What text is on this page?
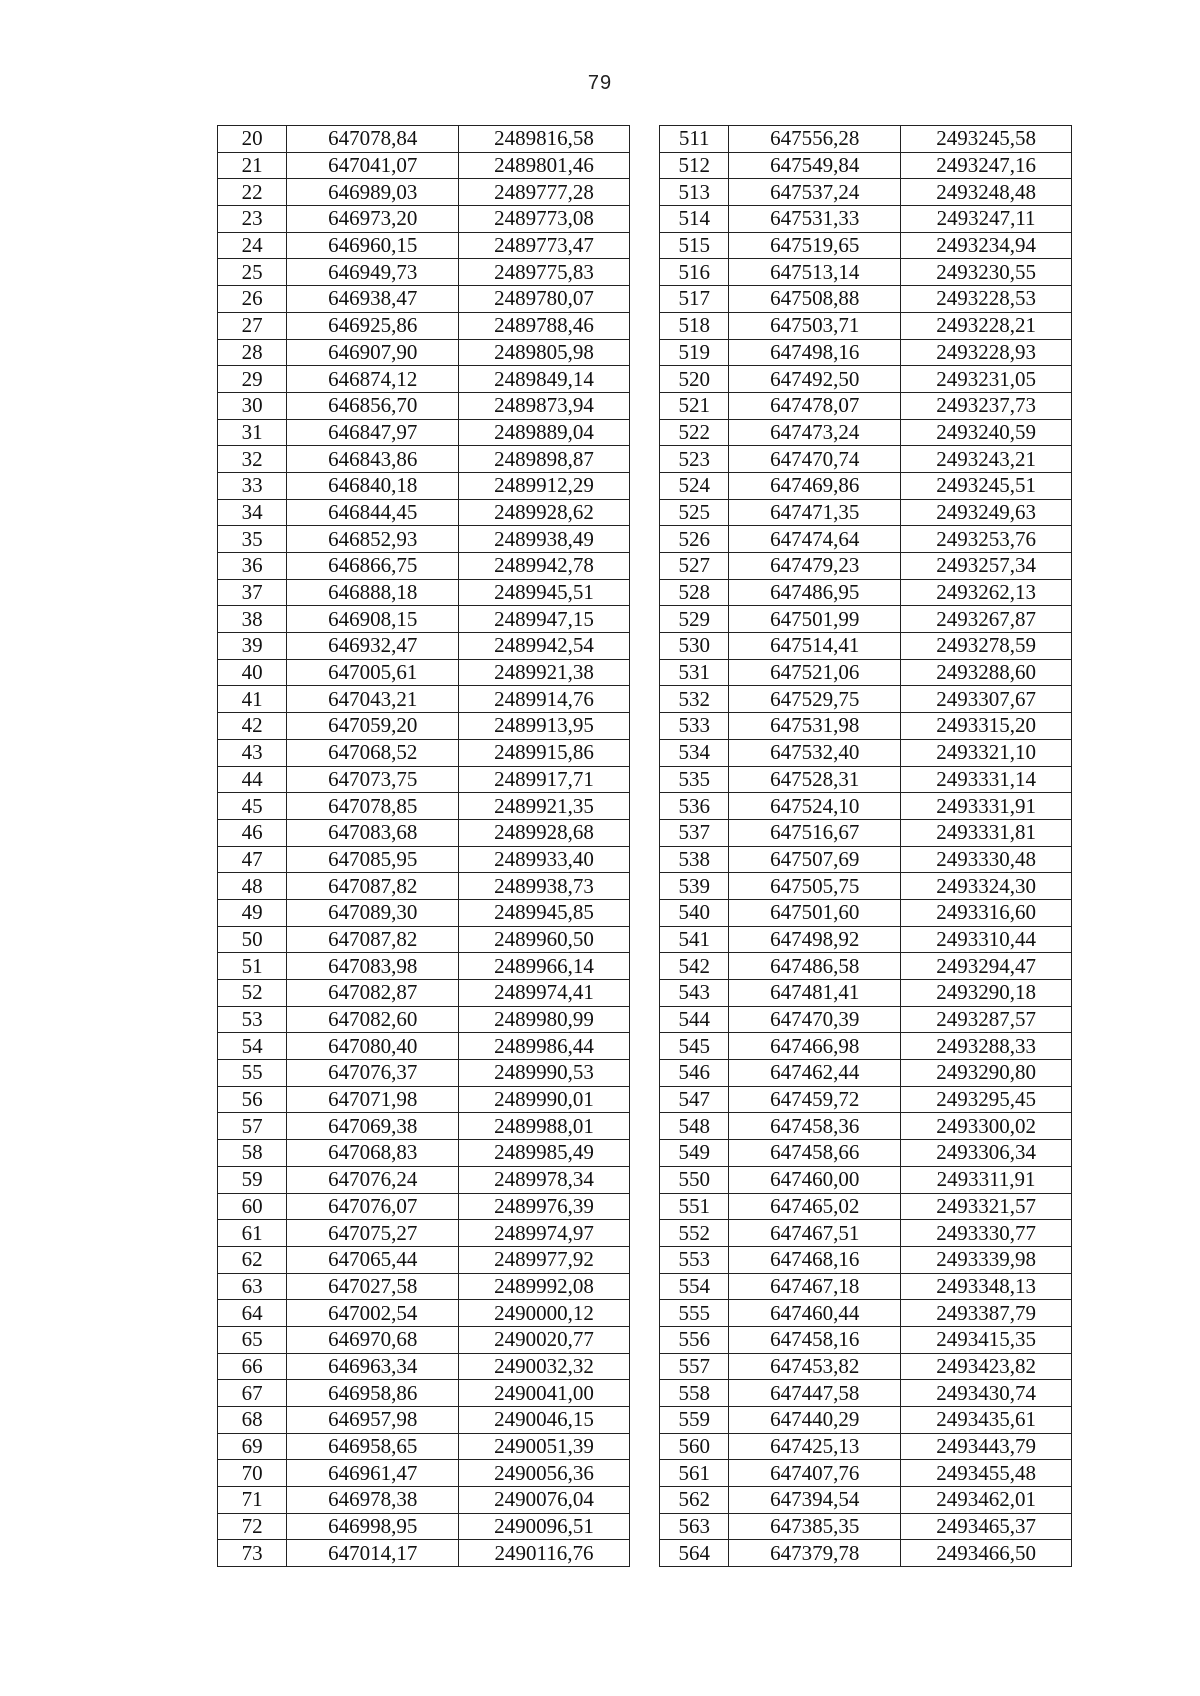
79
20	647078,84	2489816,58		511	647556,28	2493245,58
21	647041,07	2489801,46		512	647549,84	2493247,16
22	646989,03	2489777,28		513	647537,24	2493248,48
23	646973,20	2489773,08		514	647531,33	2493247,11
24	646960,15	2489773,47		515	647519,65	2493234,94
25	646949,73	2489775,83		516	647513,14	2493230,55
26	646938,47	2489780,07		517	647508,88	2493228,53
27	646925,86	2489788,46		518	647503,71	2493228,21
28	646907,90	2489805,98		519	647498,16	2493228,93
29	646874,12	2489849,14		520	647492,50	2493231,05
30	646856,70	2489873,94		521	647478,07	2493237,73
31	646847,97	2489889,04		522	647473,24	2493240,59
32	646843,86	2489898,87		523	647470,74	2493243,21
33	646840,18	2489912,29		524	647469,86	2493245,51
34	646844,45	2489928,62		525	647471,35	2493249,63
35	646852,93	2489938,49		526	647474,64	2493253,76
36	646866,75	2489942,78		527	647479,23	2493257,34
37	646888,18	2489945,51		528	647486,95	2493262,13
38	646908,15	2489947,15		529	647501,99	2493267,87
39	646932,47	2489942,54		530	647514,41	2493278,59
40	647005,61	2489921,38		531	647521,06	2493288,60
41	647043,21	2489914,76		532	647529,75	2493307,67
42	647059,20	2489913,95		533	647531,98	2493315,20
43	647068,52	2489915,86		534	647532,40	2493321,10
44	647073,75	2489917,71		535	647528,31	2493331,14
45	647078,85	2489921,35		536	647524,10	2493331,91
46	647083,68	2489928,68		537	647516,67	2493331,81
47	647085,95	2489933,40		538	647507,69	2493330,48
48	647087,82	2489938,73		539	647505,75	2493324,30
49	647089,30	2489945,85		540	647501,60	2493316,60
50	647087,82	2489960,50		541	647498,92	2493310,44
51	647083,98	2489966,14		542	647486,58	2493294,47
52	647082,87	2489974,41		543	647481,41	2493290,18
53	647082,60	2489980,99		544	647470,39	2493287,57
54	647080,40	2489986,44		545	647466,98	2493288,33
55	647076,37	2489990,53		546	647462,44	2493290,80
56	647071,98	2489990,01		547	647459,72	2493295,45
57	647069,38	2489988,01		548	647458,36	2493300,02
58	647068,83	2489985,49		549	647458,66	2493306,34
59	647076,24	2489978,34		550	647460,00	2493311,91
60	647076,07	2489976,39		551	647465,02	2493321,57
61	647075,27	2489974,97		552	647467,51	2493330,77
62	647065,44	2489977,92		553	647468,16	2493339,98
63	647027,58	2489992,08		554	647467,18	2493348,13
64	647002,54	2490000,12		555	647460,44	2493387,79
65	646970,68	2490020,77		556	647458,16	2493415,35
66	646963,34	2490032,32		557	647453,82	2493423,82
67	646958,86	2490041,00		558	647447,58	2493430,74
68	646957,98	2490046,15		559	647440,29	2493435,61
69	646958,65	2490051,39		560	647425,13	2493443,79
70	646961,47	2490056,36		561	647407,76	2493455,48
71	646978,38	2490076,04		562	647394,54	2493462,01
72	646998,95	2490096,51		563	647385,35	2493465,37
73	647014,17	2490116,76		564	647379,78	2493466,50
